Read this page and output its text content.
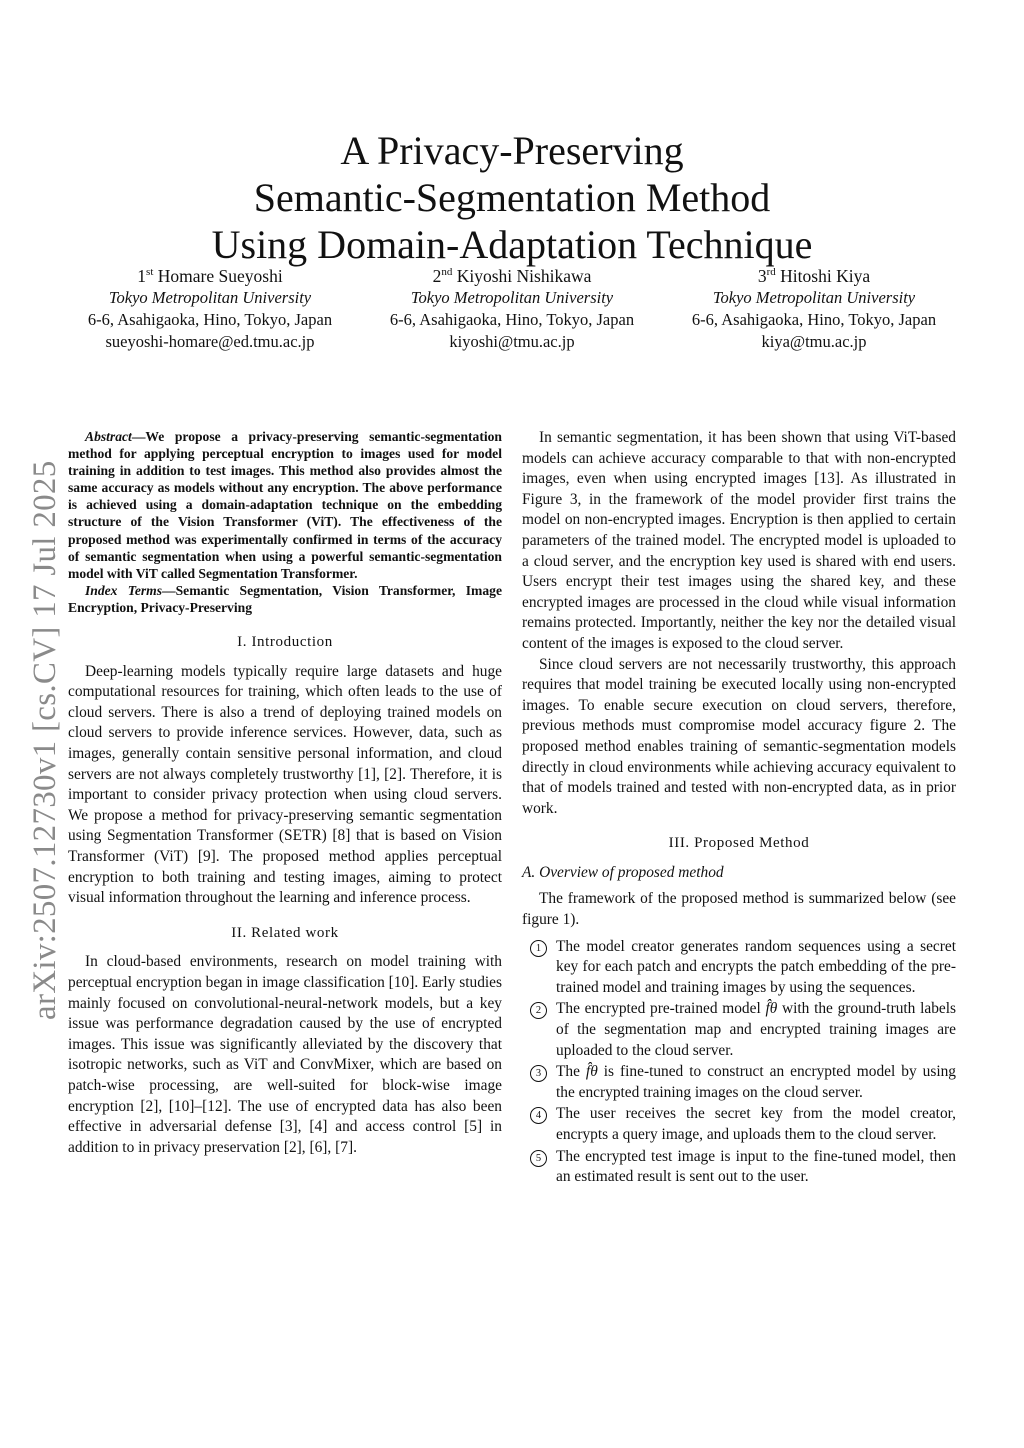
A Privacy-Preserving
Semantic-Segmentation Method
Using Domain-Adaptation Technique
1st Homare Sueyoshi
Tokyo Metropolitan University
6-6, Asahigaoka, Hino, Tokyo, Japan
sueyoshi-homare@ed.tmu.ac.jp
2nd Kiyoshi Nishikawa
Tokyo Metropolitan University
6-6, Asahigaoka, Hino, Tokyo, Japan
kiyoshi@tmu.ac.jp
3rd Hitoshi Kiya
Tokyo Metropolitan University
6-6, Asahigaoka, Hino, Tokyo, Japan
kiya@tmu.ac.jp
arXiv:2507.12730v1 [cs.CV] 17 Jul 2025

Abstract—We propose a privacy-preserving semantic-segmentation method for applying perceptual encryption to images used for model training in addition to test images. This method also provides almost the same accuracy as models without any encryption. The above performance is achieved using a domain-adaptation technique on the embedding structure of the Vision Transformer (ViT). The effectiveness of the proposed method was experimentally confirmed in terms of the accuracy of semantic segmentation when using a powerful semantic-segmentation model with ViT called Segmentation Transformer.

Index Terms—Semantic Segmentation, Vision Transformer, Image Encryption, Privacy-Preserving

I. Introduction

Deep-learning models typically require large datasets and huge computational resources for training, which often leads to the use of cloud servers. There is also a trend of deploying trained models on cloud servers to provide inference services. However, data, such as images, generally contain sensitive personal information, and cloud servers are not always completely trustworthy [1], [2]. Therefore, it is important to consider privacy protection when using cloud servers. We propose a method for privacy-preserving semantic segmentation using Segmentation Transformer (SETR) [8] that is based on Vision Transformer (ViT) [9]. The proposed method applies perceptual encryption to both training and testing images, aiming to protect visual information throughout the learning and inference process.

II. Related work

In cloud-based environments, research on model training with perceptual encryption began in image classification [10]. Early studies mainly focused on convolutional-neural-network models, but a key issue was performance degradation caused by the use of encrypted images. This issue was significantly alleviated by the discovery that isotropic networks, such as ViT and ConvMixer, which are based on patch-wise processing, are well-suited for block-wise image encryption [2], [10]–[12]. The use of encrypted data has also been effective in adversarial defense [3], [4] and access control [5] in addition to in privacy preservation [2], [6], [7].

In semantic segmentation, it has been shown that using ViT-based models can achieve accuracy comparable to that with non-encrypted images, even when using encrypted images [13]. As illustrated in Figure 3, in the framework of the model provider first trains the model on non-encrypted images. Encryption is then applied to certain parameters of the trained model. The encrypted model is uploaded to a cloud server, and the encryption key used is shared with end users. Users encrypt their test images using the shared key, and these encrypted images are processed in the cloud while visual information remains protected. Importantly, neither the key nor the detailed visual content of the images is exposed to the cloud server.

Since cloud servers are not necessarily trustworthy, this approach requires that model training be executed locally using non-encrypted images. To enable secure execution on cloud servers, therefore, previous methods must compromise model accuracy figure 2. The proposed method enables training of semantic-segmentation models directly in cloud environments while achieving accuracy equivalent to that of models trained and tested with non-encrypted data, as in prior work.

III. Proposed Method
A. Overview of proposed method

The framework of the proposed method is summarized below (see figure 1).

1 The model creator generates random sequences using a secret key for each patch and encrypts the patch embedding of the pre-trained model and training images by using the sequences.
2 The encrypted pre-trained model f̂θ with the ground-truth labels of the segmentation map and encrypted training images are uploaded to the cloud server.
3 The f̂θ is fine-tuned to construct an encrypted model by using the encrypted training images on the cloud server.
4 The user receives the secret key from the model creator, encrypts a query image, and uploads them to the cloud server.
5 The encrypted test image is input to the fine-tuned model, then an estimated result is sent out to the user.
